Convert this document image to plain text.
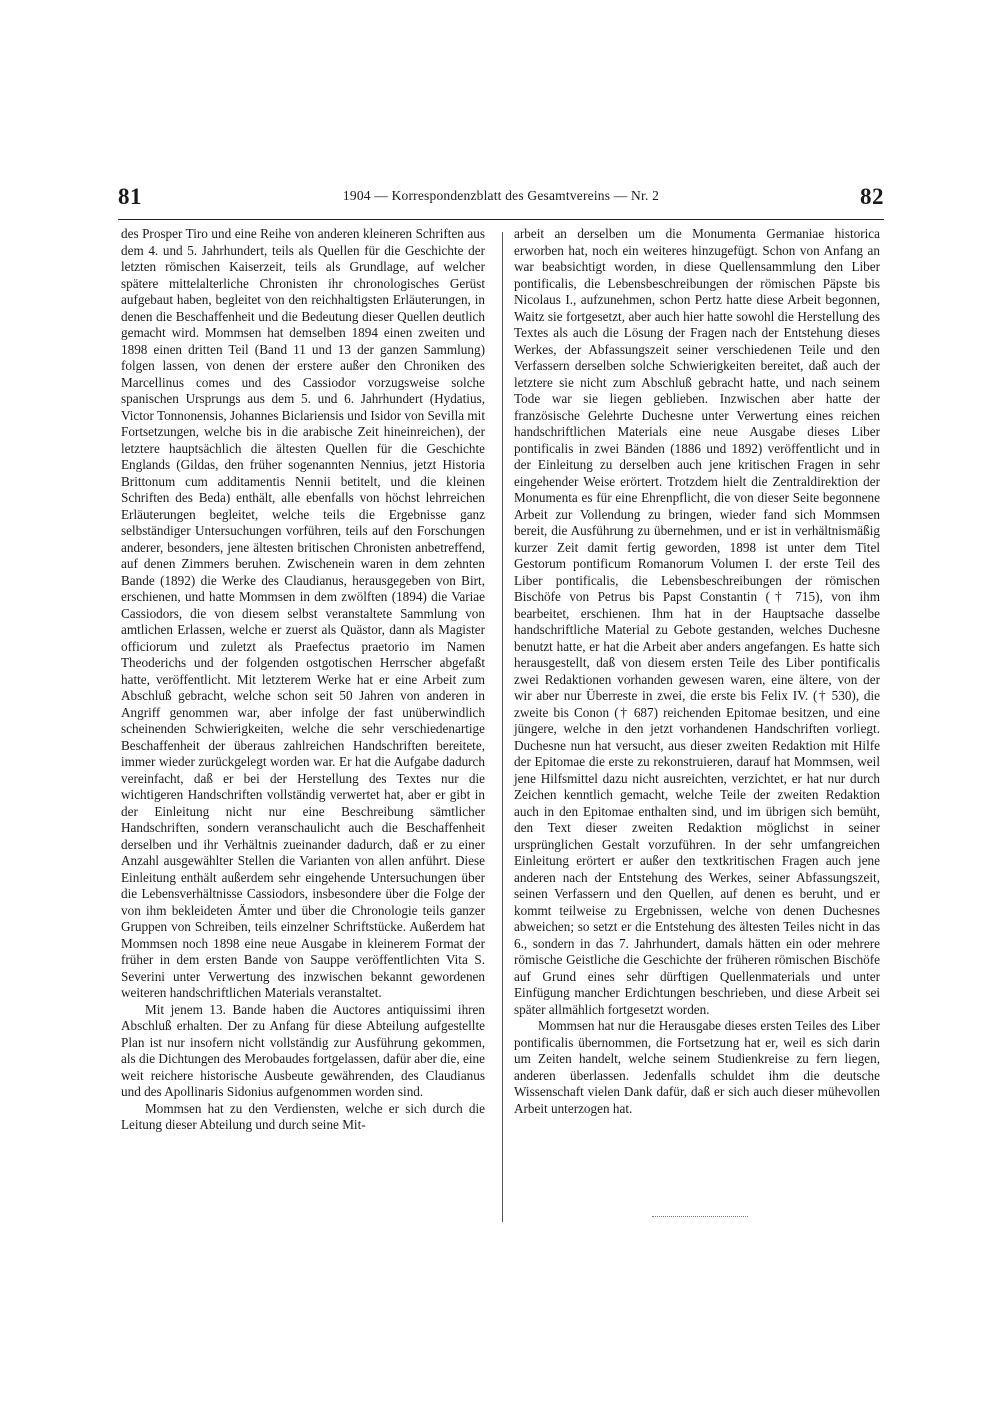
81	1904 — Korrespondenzblatt des Gesamtvereins — Nr. 2	82

des Prosper Tiro und eine Reihe von anderen kleineren Schriften aus dem 4. und 5. Jahrhundert, teils als Quellen für die Geschichte der letzten römischen Kaiserzeit, teils als Grundlage, auf welcher spätere mittelalterliche Chronisten ihr chronologisches Gerüst aufgebaut haben, begleitet von den reichhaltigsten Erläuterungen, in denen die Beschaffenheit und die Bedeutung dieser Quellen deutlich gemacht wird. Mommsen hat demselben 1894 einen zweiten und 1898 einen dritten Teil (Band 11 und 13 der ganzen Sammlung) folgen lassen, von denen der erstere außer den Chroniken des Marcellinus comes und des Cassiodor vorzugsweise solche spanischen Ursprungs aus dem 5. und 6. Jahrhundert (Hydatius, Victor Tonnonensis, Johannes Biclariensis und Isidor von Sevilla mit Fortsetzungen, welche bis in die arabische Zeit hineinreichen), der letztere hauptsächlich die ältesten Quellen für die Geschichte Englands (Gildas, den früher sogenannten Nennius, jetzt Historia Brittonum cum additamentis Nennii betitelt, und die kleinen Schriften des Beda) enthält, alle ebenfalls von höchst lehrreichen Erläuterungen begleitet, welche teils die Ergebnisse ganz selbständiger Untersuchungen vorführen, teils auf den Forschungen anderer, besonders, jene ältesten britischen Chronisten anbetreffend, auf denen Zimmers beruhen. Zwischenein waren in dem zehnten Bande (1892) die Werke des Claudianus, herausgegeben von Birt, erschienen, und hatte Mommsen in dem zwölften (1894) die Variae Cassiodors, die von diesem selbst veranstaltete Sammlung von amtlichen Erlassen, welche er zuerst als Quästor, dann als Magister officiorum und zuletzt als Praefectus praetorio im Namen Theoderichs und der folgenden ostgotischen Herrscher abgefaßt hatte, veröffentlicht. Mit letzterem Werke hat er eine Arbeit zum Abschluß gebracht, welche schon seit 50 Jahren von anderen in Angriff genommen war, aber infolge der fast unüberwindlich scheinenden Schwierigkeiten, welche die sehr verschiedenartige Beschaffenheit der überaus zahlreichen Handschriften bereitete, immer wieder zurückgelegt worden war. Er hat die Aufgabe dadurch vereinfacht, daß er bei der Herstellung des Textes nur die wichtigeren Handschriften vollständig verwertet hat, aber er gibt in der Einleitung nicht nur eine Beschreibung sämtlicher Handschriften, sondern veranschaulicht auch die Beschaffenheit derselben und ihr Verhältnis zueinander dadurch, daß er zu einer Anzahl ausgewählter Stellen die Varianten von allen anführt. Diese Einleitung enthält außerdem sehr eingehende Untersuchungen über die Lebensverhältnisse Cassiodors, insbesondere über die Folge der von ihm bekleideten Ämter und über die Chronologie teils ganzer Gruppen von Schreiben, teils einzelner Schriftstücke. Außerdem hat Mommsen noch 1898 eine neue Ausgabe in kleinerem Format der früher in dem ersten Bande von Sauppe veröffentlichten Vita S. Severini unter Verwertung des inzwischen bekannt gewordenen weiteren handschriftlichen Materials veranstaltet.

Mit jenem 13. Bande haben die Auctores antiquissimi ihren Abschluß erhalten. Der zu Anfang für diese Abteilung aufgestellte Plan ist nur insofern nicht vollständig zur Ausführung gekommen, als die Dichtungen des Merobaudes fortgelassen, dafür aber die, eine weit reichere historische Ausbeute gewährenden, des Claudianus und des Apollinaris Sidonius aufgenommen worden sind.

Mommsen hat zu den Verdiensten, welche er sich durch die Leitung dieser Abteilung und durch seine Mit-

arbeit an derselben um die Monumenta Germaniae historica erworben hat, noch ein weiteres hinzugefügt. Schon von Anfang an war beabsichtigt worden, in diese Quellensammlung den Liber pontificalis, die Lebensbeschreibungen der römischen Päpste bis Nicolaus I., aufzunehmen, schon Pertz hatte diese Arbeit begonnen, Waitz sie fortgesetzt, aber auch hier hatte sowohl die Herstellung des Textes als auch die Lösung der Fragen nach der Entstehung dieses Werkes, der Abfassungszeit seiner verschiedenen Teile und den Verfassern derselben solche Schwierigkeiten bereitet, daß auch der letztere sie nicht zum Abschluß gebracht hatte, und nach seinem Tode war sie liegen geblieben. Inzwischen aber hatte der französische Gelehrte Duchesne unter Verwertung eines reichen handschriftlichen Materials eine neue Ausgabe dieses Liber pontificalis in zwei Bänden (1886 und 1892) veröffentlicht und in der Einleitung zu derselben auch jene kritischen Fragen in sehr eingehender Weise erörtert. Trotzdem hielt die Zentraldirektion der Monumenta es für eine Ehrenpflicht, die von dieser Seite begonnene Arbeit zur Vollendung zu bringen, wieder fand sich Mommsen bereit, die Ausführung zu übernehmen, und er ist in verhältnismäßig kurzer Zeit damit fertig geworden, 1898 ist unter dem Titel Gestorum pontificum Romanorum Volumen I. der erste Teil des Liber pontificalis, die Lebensbeschreibungen der römischen Bischöfe von Petrus bis Papst Constantin († 715), von ihm bearbeitet, erschienen. Ihm hat in der Hauptsache dasselbe handschriftliche Material zu Gebote gestanden, welches Duchesne benutzt hatte, er hat die Arbeit aber anders angefangen. Es hatte sich herausgestellt, daß von diesem ersten Teile des Liber pontificalis zwei Redaktionen vorhanden gewesen waren, eine ältere, von der wir aber nur Überreste in zwei, die erste bis Felix IV. († 530), die zweite bis Conon († 687) reichenden Epitomae besitzen, und eine jüngere, welche in den jetzt vorhandenen Handschriften vorliegt. Duchesne nun hat versucht, aus dieser zweiten Redaktion mit Hilfe der Epitomae die erste zu rekonstruieren, darauf hat Mommsen, weil jene Hilfsmittel dazu nicht ausreichten, verzichtet, er hat nur durch Zeichen kenntlich gemacht, welche Teile der zweiten Redaktion auch in den Epitomae enthalten sind, und im übrigen sich bemüht, den Text dieser zweiten Redaktion möglichst in seiner ursprünglichen Gestalt vorzuführen. In der sehr umfangreichen Einleitung erörtert er außer den textkritischen Fragen auch jene anderen nach der Entstehung des Werkes, seiner Abfassungszeit, seinen Verfassern und den Quellen, auf denen es beruht, und er kommt teilweise zu Ergebnissen, welche von denen Duchesnes abweichen; so setzt er die Entstehung des ältesten Teiles nicht in das 6., sondern in das 7. Jahrhundert, damals hätten ein oder mehrere römische Geistliche die Geschichte der früheren römischen Bischöfe auf Grund eines sehr dürftigen Quellenmaterials und unter Einfügung mancher Erdichtungen beschrieben, und diese Arbeit sei später allmählich fortgesetzt worden.

Mommsen hat nur die Herausgabe dieses ersten Teiles des Liber pontificalis übernommen, die Fortsetzung hat er, weil es sich darin um Zeiten handelt, welche seinem Studienkreise zu fern liegen, anderen überlassen. Jedenfalls schuldet ihm die deutsche Wissenschaft vielen Dank dafür, daß er sich auch dieser mühevollen Arbeit unterzogen hat.
